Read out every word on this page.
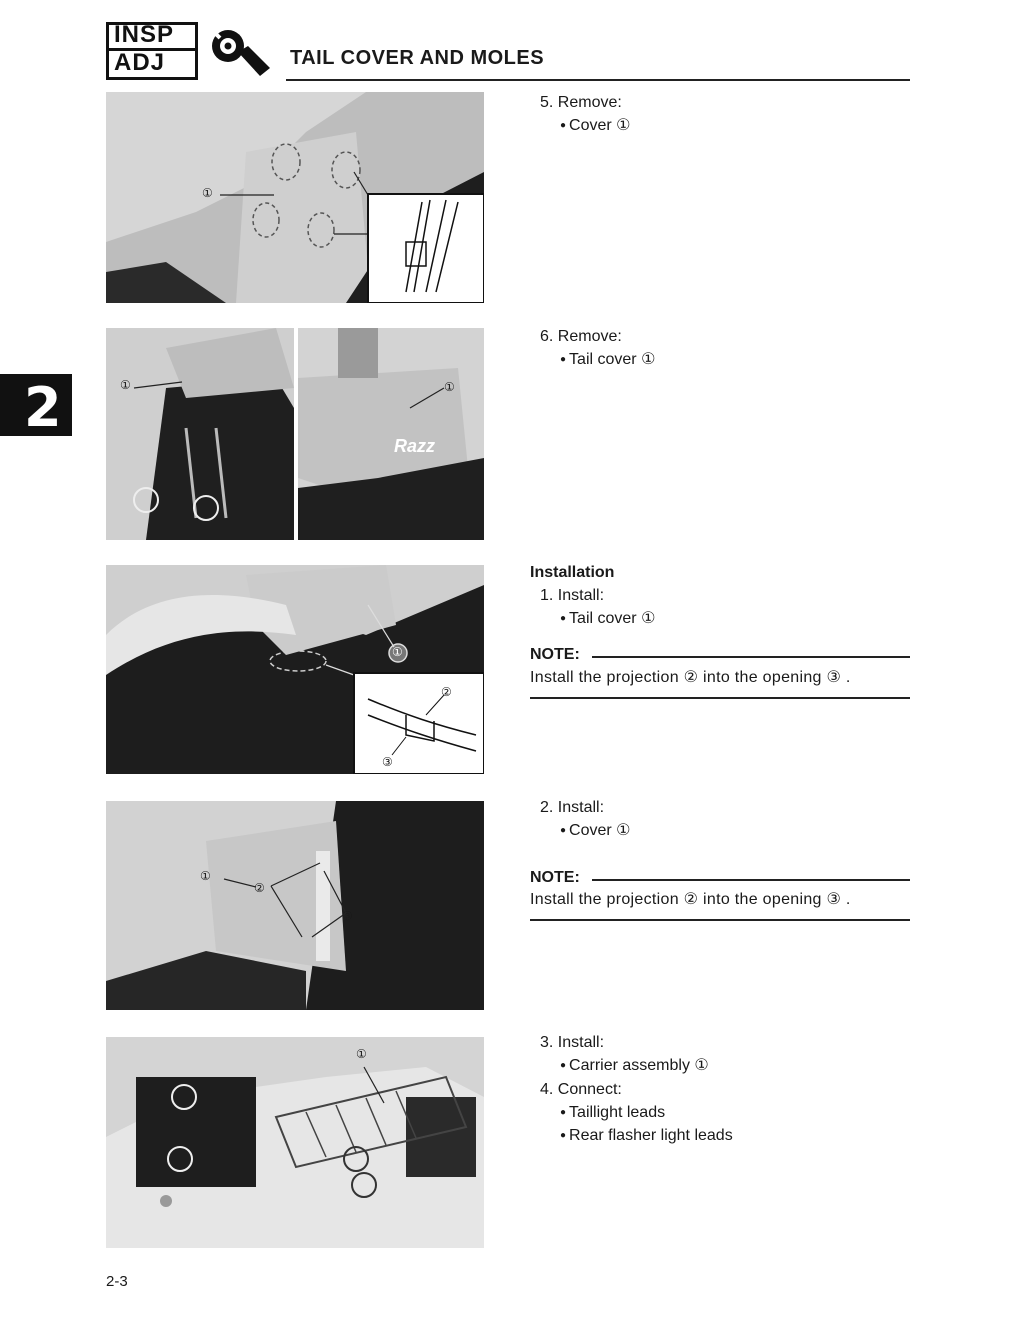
INSP
ADJ	TAIL COVER AND MOLES
2
①
①
Razz
①
②
③
①
①
②
③
①
5. Remove:
● Cover ①
6. Remove:
● Tail cover ①
Installation
1. Install:
● Tail cover ①
NOTE:
Install the projection ② into the opening ③ .
2. Install:
● Cover ①
NOTE:
Install the projection ② into the opening ③ .
3. Install:
● Carrier assembly ①
4. Connect:
● Taillight leads
● Rear flasher light leads
2-3
